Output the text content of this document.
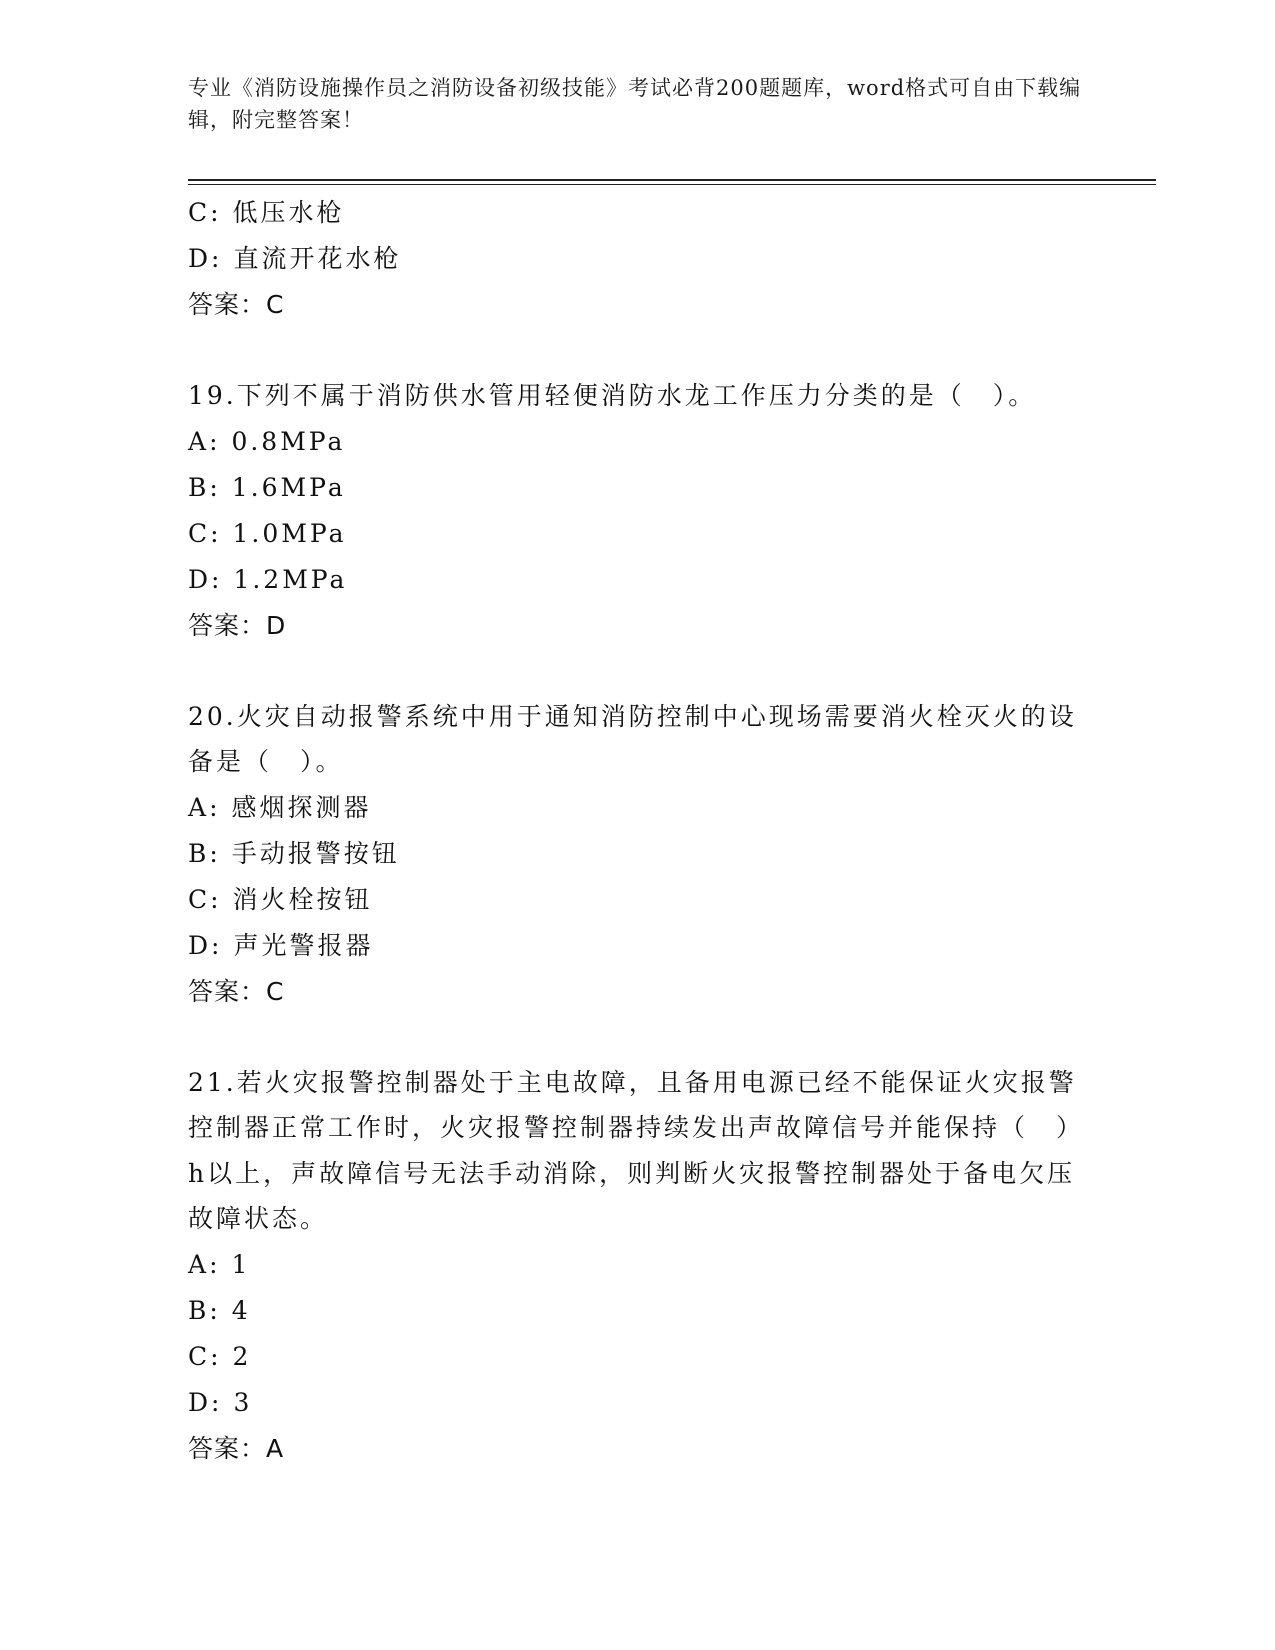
专业《消防设施操作员之消防设备初级技能》考试必背200题题库，word格式可自由下载编辑，附完整答案！
C: 低压水枪
D: 直流开花水枪
答案：C

19.下列不属于消防供水管用轻便消防水龙工作压力分类的是（　）。

A: 0.8MPa
B: 1.6MPa
C: 1.0MPa
D: 1.2MPa
答案：D

20.火灾自动报警系统中用于通知消防控制中心现场需要消火栓灭火的设备是（　）。

A: 感烟探测器
B: 手动报警按钮
C: 消火栓按钮
D: 声光警报器
答案：C

21.若火灾报警控制器处于主电故障，且备用电源已经不能保证火灾报警控制器正常工作时，火灾报警控制器持续发出声故障信号并能保持（　）h以上，声故障信号无法手动消除，则判断火灾报警控制器处于备电欠压故障状态。

A: 1
B: 4
C: 2
D: 3
答案：A
